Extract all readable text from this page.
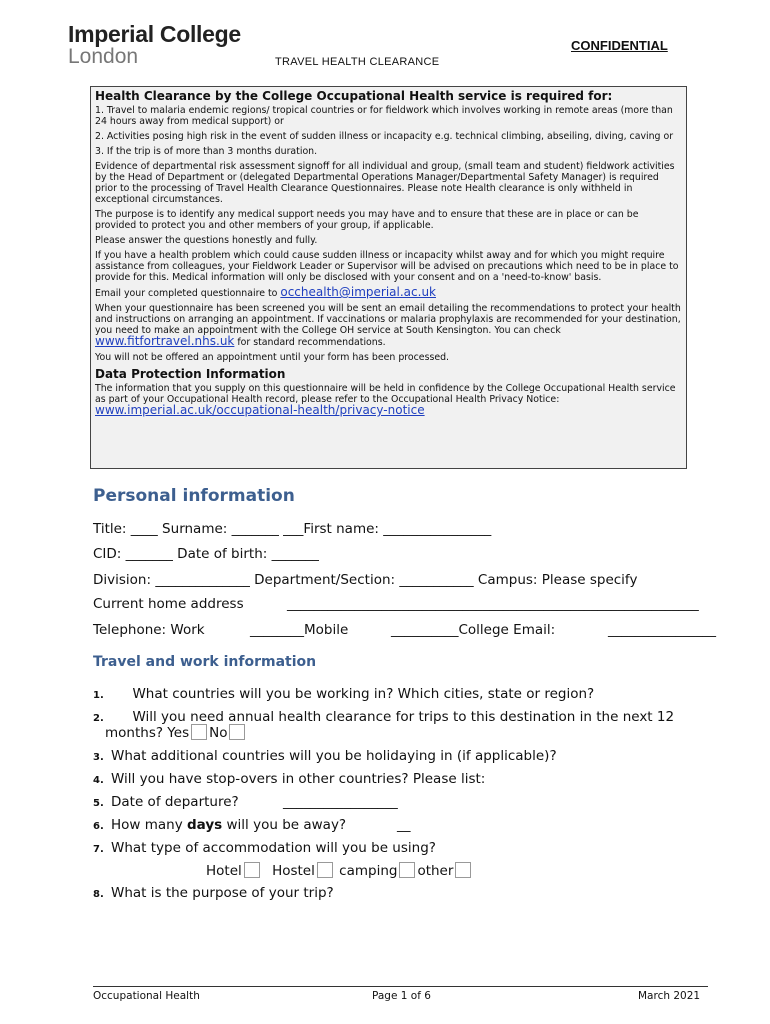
Imperial College
London	CONFIDENTIAL
TRAVEL HEALTH CLEARANCE
Health Clearance by the College Occupational Health service is required for:

1. Travel to malaria endemic regions/ tropical countries or for fieldwork which involves working in remote areas (more than 24 hours away from medical support) or

2. Activities posing high risk in the event of sudden illness or incapacity e.g. technical climbing, abseiling, diving, caving or

3. If the trip is of more than 3 months duration.

Evidence of departmental risk assessment signoff for all individual and group, (small team and student) fieldwork activities by the Head of Department or (delegated Departmental Operations Manager/Departmental Safety Manager) is required prior to the processing of Travel Health Clearance Questionnaires. Please note Health clearance is only withheld in exceptional circumstances.

The purpose is to identify any medical support needs you may have and to ensure that these are in place or can be provided to protect you and other members of your group, if applicable.

Please answer the questions honestly and fully.

If you have a health problem which could cause sudden illness or incapacity whilst away and for which you might require assistance from colleagues, your Fieldwork Leader or Supervisor will be advised on precautions which need to be in place to provide for this. Medical information will only be disclosed with your consent and on a 'need-to-know' basis.

Email your completed questionnaire to occhealth@imperial.ac.uk

When your questionnaire has been screened you will be sent an email detailing the recommendations to protect your health and instructions on arranging an appointment. If vaccinations or malaria prophylaxis are recommended for your destination, you need to make an appointment with the College OH service at South Kensington. You can check www.fitfortravel.nhs.uk for standard recommendations.

You will not be offered an appointment until your form has been processed.

Data Protection Information

The information that you supply on this questionnaire will be held in confidence by the College Occupational Health service as part of your Occupational Health record, please refer to the Occupational Health Privacy Notice: www.imperial.ac.uk/occupational-health/privacy-notice

Personal information
Title: ____ Surname: _______ ___First name: ________________
CID: _______ Date of birth: _______
Division: ______________ Department/Section: ___________ Campus: Please specify
Current home address	_____________________________________________________________
Telephone: Work	________Mobile	__________College Email:	________________
Travel and work information
1.     What countries will you be working in? Which cities, state or region?
2.     Will you need annual health clearance for trips to this destination in the next 12
months? Yes No
3. What additional countries will you be holidaying in (if applicable)?
4. Will you have stop-overs in other countries? Please list:
5. Date of departure?	_________________
6. How many days will you be away?	__
7. What type of accommodation will you be using?
Hotel Hostel camping other
8. What is the purpose of your trip?
Occupational Health	Page 1 of 6	March 2021
